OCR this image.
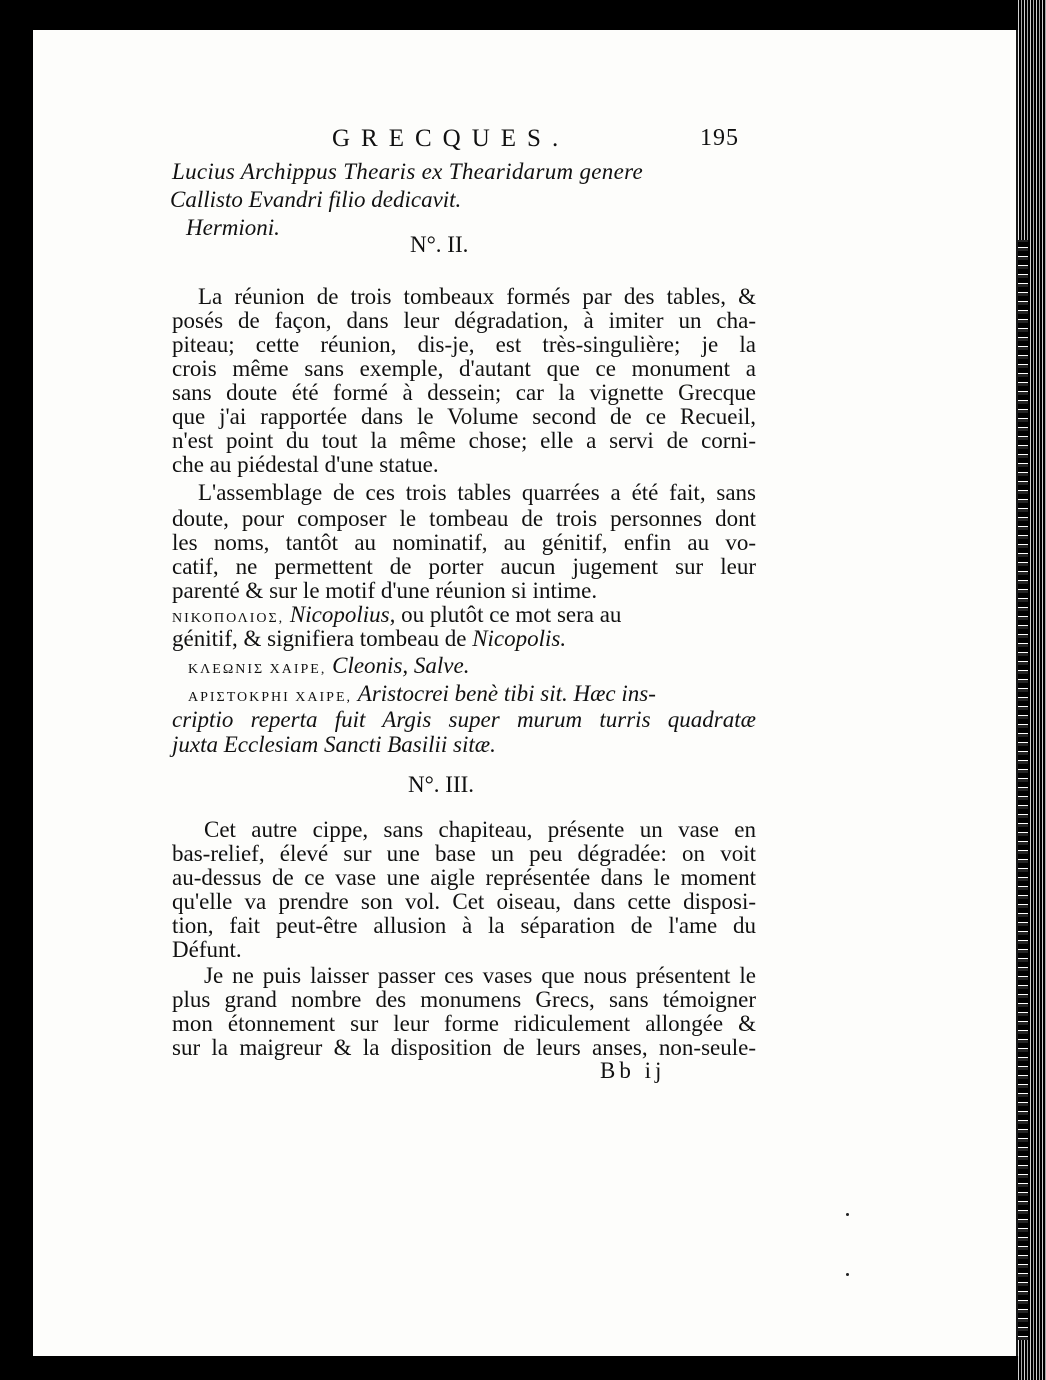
GRECQUES.	195
Lucius Archippus Thearis ex Thearidarum genere
Callisto Evandri filio dedicavit.
Hermioni.
N°. II.
La réunion de trois tombeaux formés par des tables, &
posés de façon, dans leur dégradation, à imiter un cha-
piteau; cette réunion, dis-je, est très-singulière; je la
crois même sans exemple, d'autant que ce monument a
sans doute été formé à dessein; car la vignette Grecque
que j'ai rapportée dans le Volume second de ce Recueil,
n'est point du tout la même chose; elle a servi de corni-
che au piédestal d'une statue.
L'assemblage de ces trois tables quarrées a été fait, sans
doute, pour composer le tombeau de trois personnes dont
les noms, tantôt au nominatif, au génitif, enfin au vo-
catif, ne permettent de porter aucun jugement sur leur
parenté & sur le motif d'une réunion si intime.
ΝΙΚΟΠΟΛΙΟΣ, Nicopolius, ou plutôt ce mot sera au
génitif, & signifiera tombeau de Nicopolis.
ΚΛΕΩΝΙΣ ΧΑΙΡΕ, Cleonis, Salve.
ΑΡΙΣΤΟΚΡΗΙ ΧΑΙΡΕ, Aristocrei benè tibi sit. Hæc ins-
criptio reperta fuit Argis super murum turris quadratæ
juxta Ecclesiam Sancti Basilii sitæ.
N°. III.
Cet autre cippe, sans chapiteau, présente un vase en
bas-relief, élevé sur une base un peu dégradée: on voit
au-dessus de ce vase une aigle représentée dans le moment
qu'elle va prendre son vol. Cet oiseau, dans cette disposi-
tion, fait peut-être allusion à la séparation de l'ame du
Défunt.
Je ne puis laisser passer ces vases que nous présentent le
plus grand nombre des monumens Grecs, sans témoigner
mon étonnement sur leur forme ridiculement allongée &
sur la maigreur & la disposition de leurs anses, non-seule-
Bb ij
